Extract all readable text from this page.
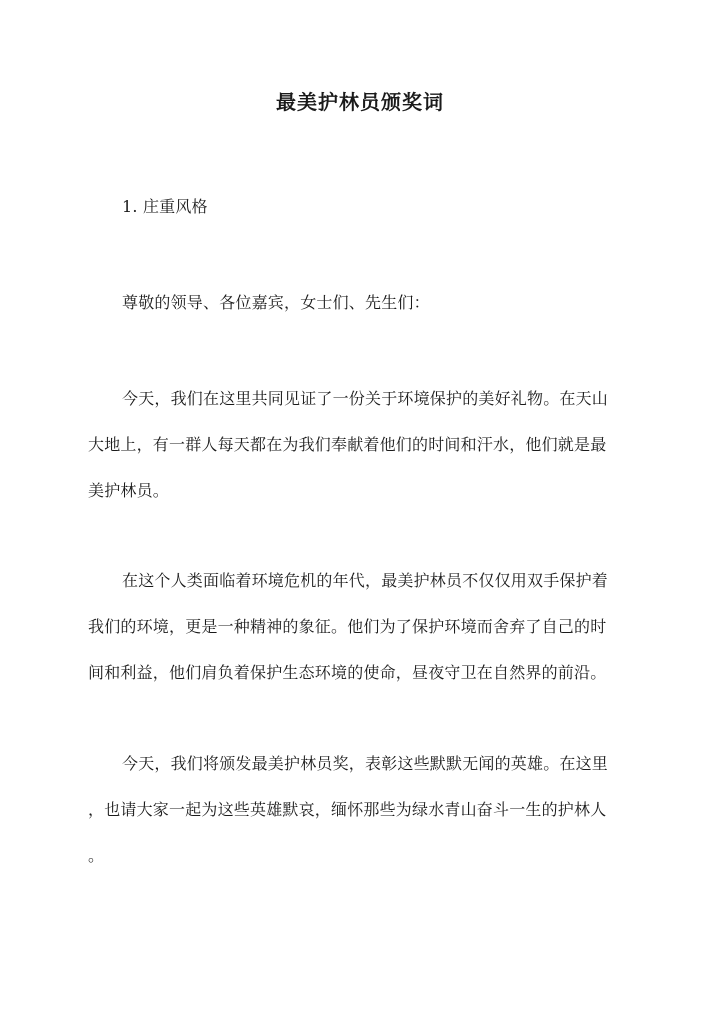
最美护林员颁奖词
1. 庄重风格
尊敬的领导、各位嘉宾，女士们、先生们：
今天，我们在这里共同见证了一份关于环境保护的美好礼物。在天山
大地上，有一群人每天都在为我们奉献着他们的时间和汗水，他们就是最
美护林员。
在这个人类面临着环境危机的年代，最美护林员不仅仅用双手保护着
我们的环境，更是一种精神的象征。他们为了保护环境而舍弃了自己的时
间和利益，他们肩负着保护生态环境的使命，昼夜守卫在自然界的前沿。
今天，我们将颁发最美护林员奖，表彰这些默默无闻的英雄。在这里
，也请大家一起为这些英雄默哀，缅怀那些为绿水青山奋斗一生的护林人
。
